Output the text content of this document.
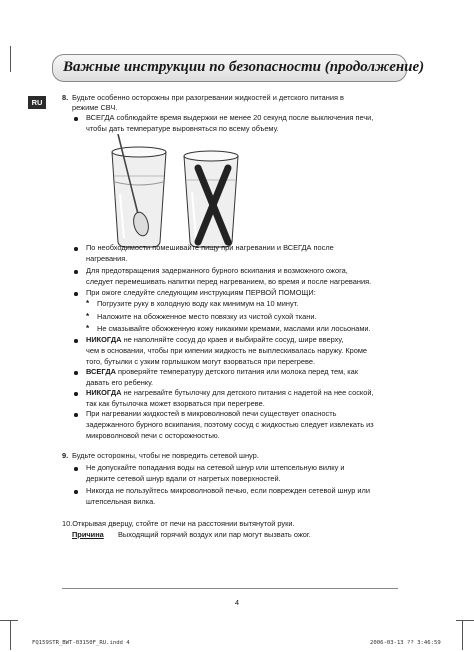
Важные инструкции по безопасности (продолжение)
RU
8. Будьте особенно осторожны при разогревании жидкостей и детского питания в
режиме СВЧ.
ВСЕГДА соблюдайте время выдержки не менее 20 секунд после выключения печи,
чтобы дать температуре выровняться по всему объему.
По необходимости помешивайте пищу при нагревании и ВСЕГДА после
нагревания.
Для предотвращения задержанного бурного вскипания и возможного ожога,
следует перемешивать напитки перед нагреванием, во время и после нагревания.
При ожоге следуйте следующим инструкциям ПЕРВОЙ ПОМОЩИ:
* Погрузите руку в холодную воду как минимум на 10 минут.
* Наложите на обожженное место повязку из чистой сухой ткани.
* Не смазывайте обожженную кожу никакими кремами, маслами или лосьонами.
НИКОГДА не наполняйте сосуд до краев и выбирайте сосуд, шире вверху,
чем в основании, чтобы при кипении жидкость не выплескивалась наружу. Кроме
того, бутылки с узким горлышком могут взорваться при перегреве.
ВСЕГДА проверяйте температуру детского питания или молока перед тем, как
давать его ребенку.
НИКОГДА не нагревайте бутылочку для детского питания с надетой на нее соской,
так как бутылочка может взорваться при перегреве.
При нагревании жидкостей в микроволновой печи существует опасность
задержанного бурного вскипания, поэтому сосуд с жидкостью следует извлекать из
микроволновой печи с осторожностью.
9. Будьте осторожны, чтобы не повредить сетевой шнур.
Не допускайте попадания воды на сетевой шнур или штепсельную вилку и
держите сетевой шнур вдали от нагретых поверхностей.
Никогда не пользуйтесь микроволновой печью, если поврежден сетевой шнур или
штепсельная вилка.
10.Открывая дверцу, стойте от печи на расстоянии вытянутой руки.
Причина Выходящий горячий воздух или пар могут вызвать ожог.
4
FQ159STR_BWT-03150F_RU.indd 4	2006-03-13 ?? 3:46:59
